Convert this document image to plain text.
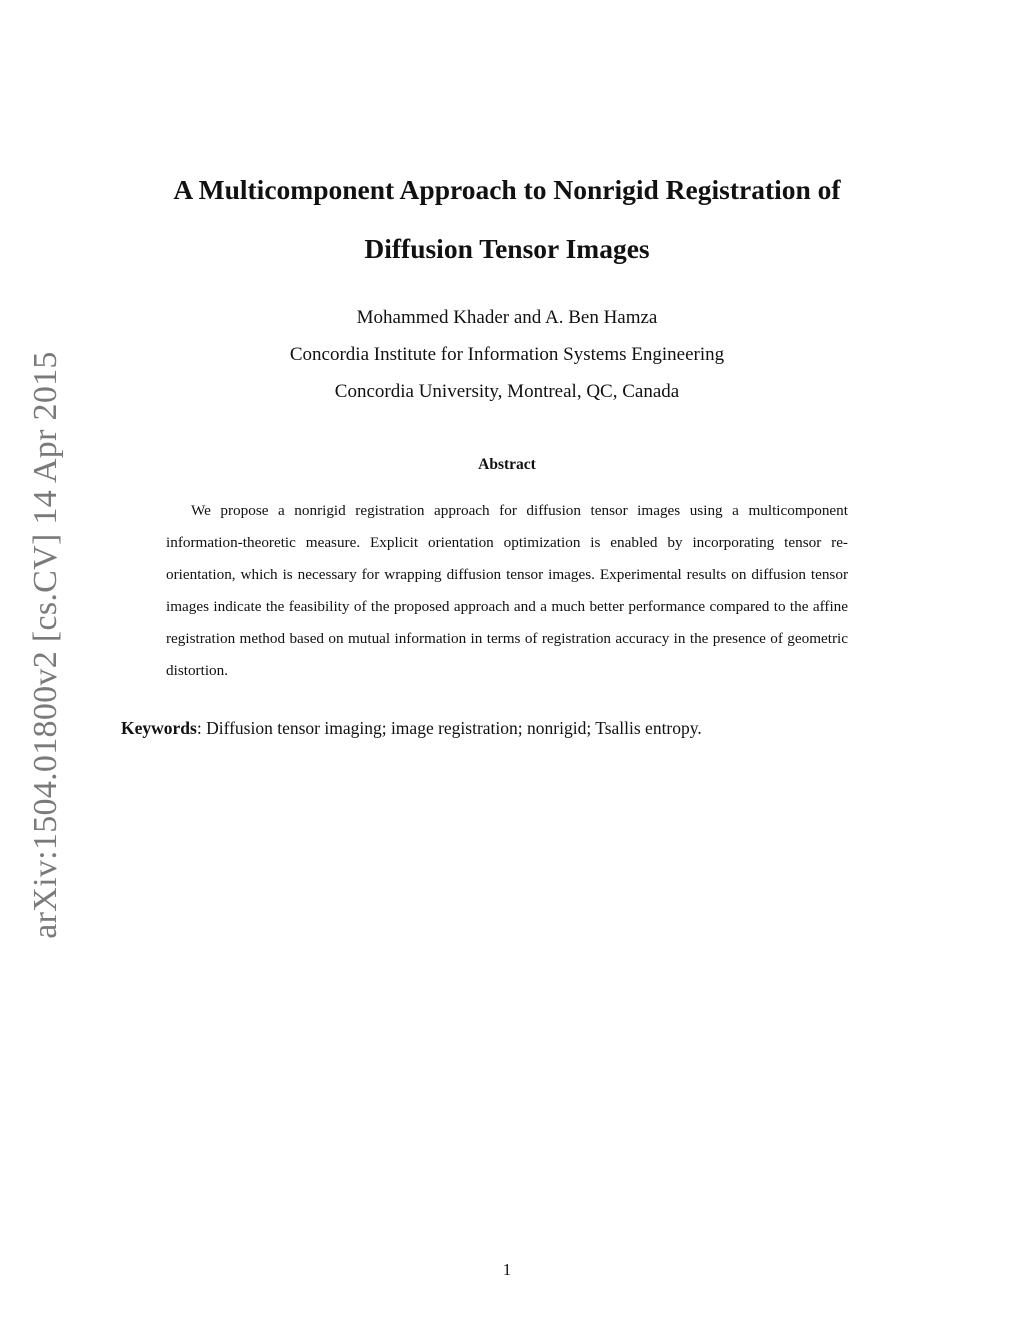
arXiv:1504.01800v2 [cs.CV] 14 Apr 2015
A Multicomponent Approach to Nonrigid Registration of
Diffusion Tensor Images
Mohammed Khader and A. Ben Hamza
Concordia Institute for Information Systems Engineering
Concordia University, Montreal, QC, Canada
Abstract

We propose a nonrigid registration approach for diffusion tensor images using a multicomponent information-theoretic measure. Explicit orientation optimization is enabled by incorporating tensor re-orientation, which is necessary for wrapping diffusion tensor images. Experimental results on diffusion tensor images indicate the feasibility of the proposed approach and a much better performance compared to the affine registration method based on mutual information in terms of registration accuracy in the presence of geometric distortion.

Keywords: Diffusion tensor imaging; image registration; nonrigid; Tsallis entropy.
1
